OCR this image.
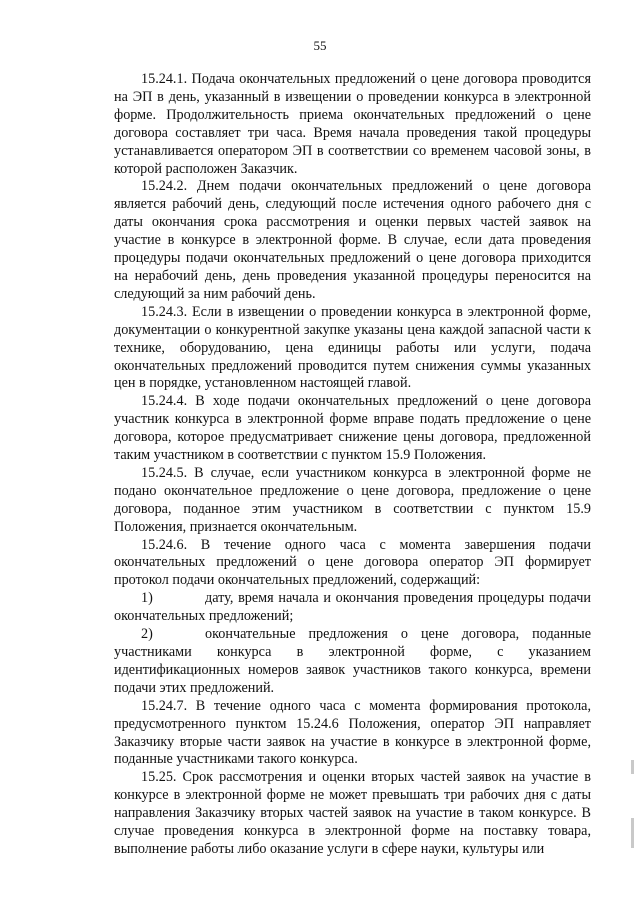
55

15.24.1. Подача окончательных предложений о цене договора проводится на ЭП в день, указанный в извещении о проведении конкурса в электронной форме. Продолжительность приема окончательных предложений о цене договора составляет три часа. Время начала проведения такой процедуры устанавливается оператором ЭП в соответствии со временем часовой зоны, в которой расположен Заказчик.

15.24.2. Днем подачи окончательных предложений о цене договора является рабочий день, следующий после истечения одного рабочего дня с даты окончания срока рассмотрения и оценки первых частей заявок на участие в конкурсе в электронной форме. В случае, если дата проведения процедуры подачи окончательных предложений о цене договора приходится на нерабочий день, день проведения указанной процедуры переносится на следующий за ним рабочий день.

15.24.3. Если в извещении о проведении конкурса в электронной форме, документации о конкурентной закупке указаны цена каждой запасной части к технике, оборудованию, цена единицы работы или услуги, подача окончательных предложений проводится путем снижения суммы указанных цен в порядке, установленном настоящей главой.

15.24.4. В ходе подачи окончательных предложений о цене договора участник конкурса в электронной форме вправе подать предложение о цене договора, которое предусматривает снижение цены договора, предложенной таким участником в соответствии с пунктом 15.9 Положения.

15.24.5. В случае, если участником конкурса в электронной форме не подано окончательное предложение о цене договора, предложение о цене договора, поданное этим участником в соответствии с пунктом 15.9 Положения, признается окончательным.

15.24.6. В течение одного часа с момента завершения подачи окончательных предложений о цене договора оператор ЭП формирует протокол подачи окончательных предложений, содержащий:

1)	дату, время начала и окончания проведения процедуры подачи окончательных предложений;

2)	окончательные предложения о цене договора, поданные участниками конкурса в электронной форме, с указанием идентификационных номеров заявок участников такого конкурса, времени подачи этих предложений.

15.24.7. В течение одного часа с момента формирования протокола, предусмотренного пунктом 15.24.6 Положения, оператор ЭП направляет Заказчику вторые части заявок на участие в конкурсе в электронной форме, поданные участниками такого конкурса.

15.25. Срок рассмотрения и оценки вторых частей заявок на участие в конкурсе в электронной форме не может превышать три рабочих дня с даты направления Заказчику вторых частей заявок на участие в таком конкурсе. В случае проведения конкурса в электронной форме на поставку товара, выполнение работы либо оказание услуги в сфере науки, культуры или
